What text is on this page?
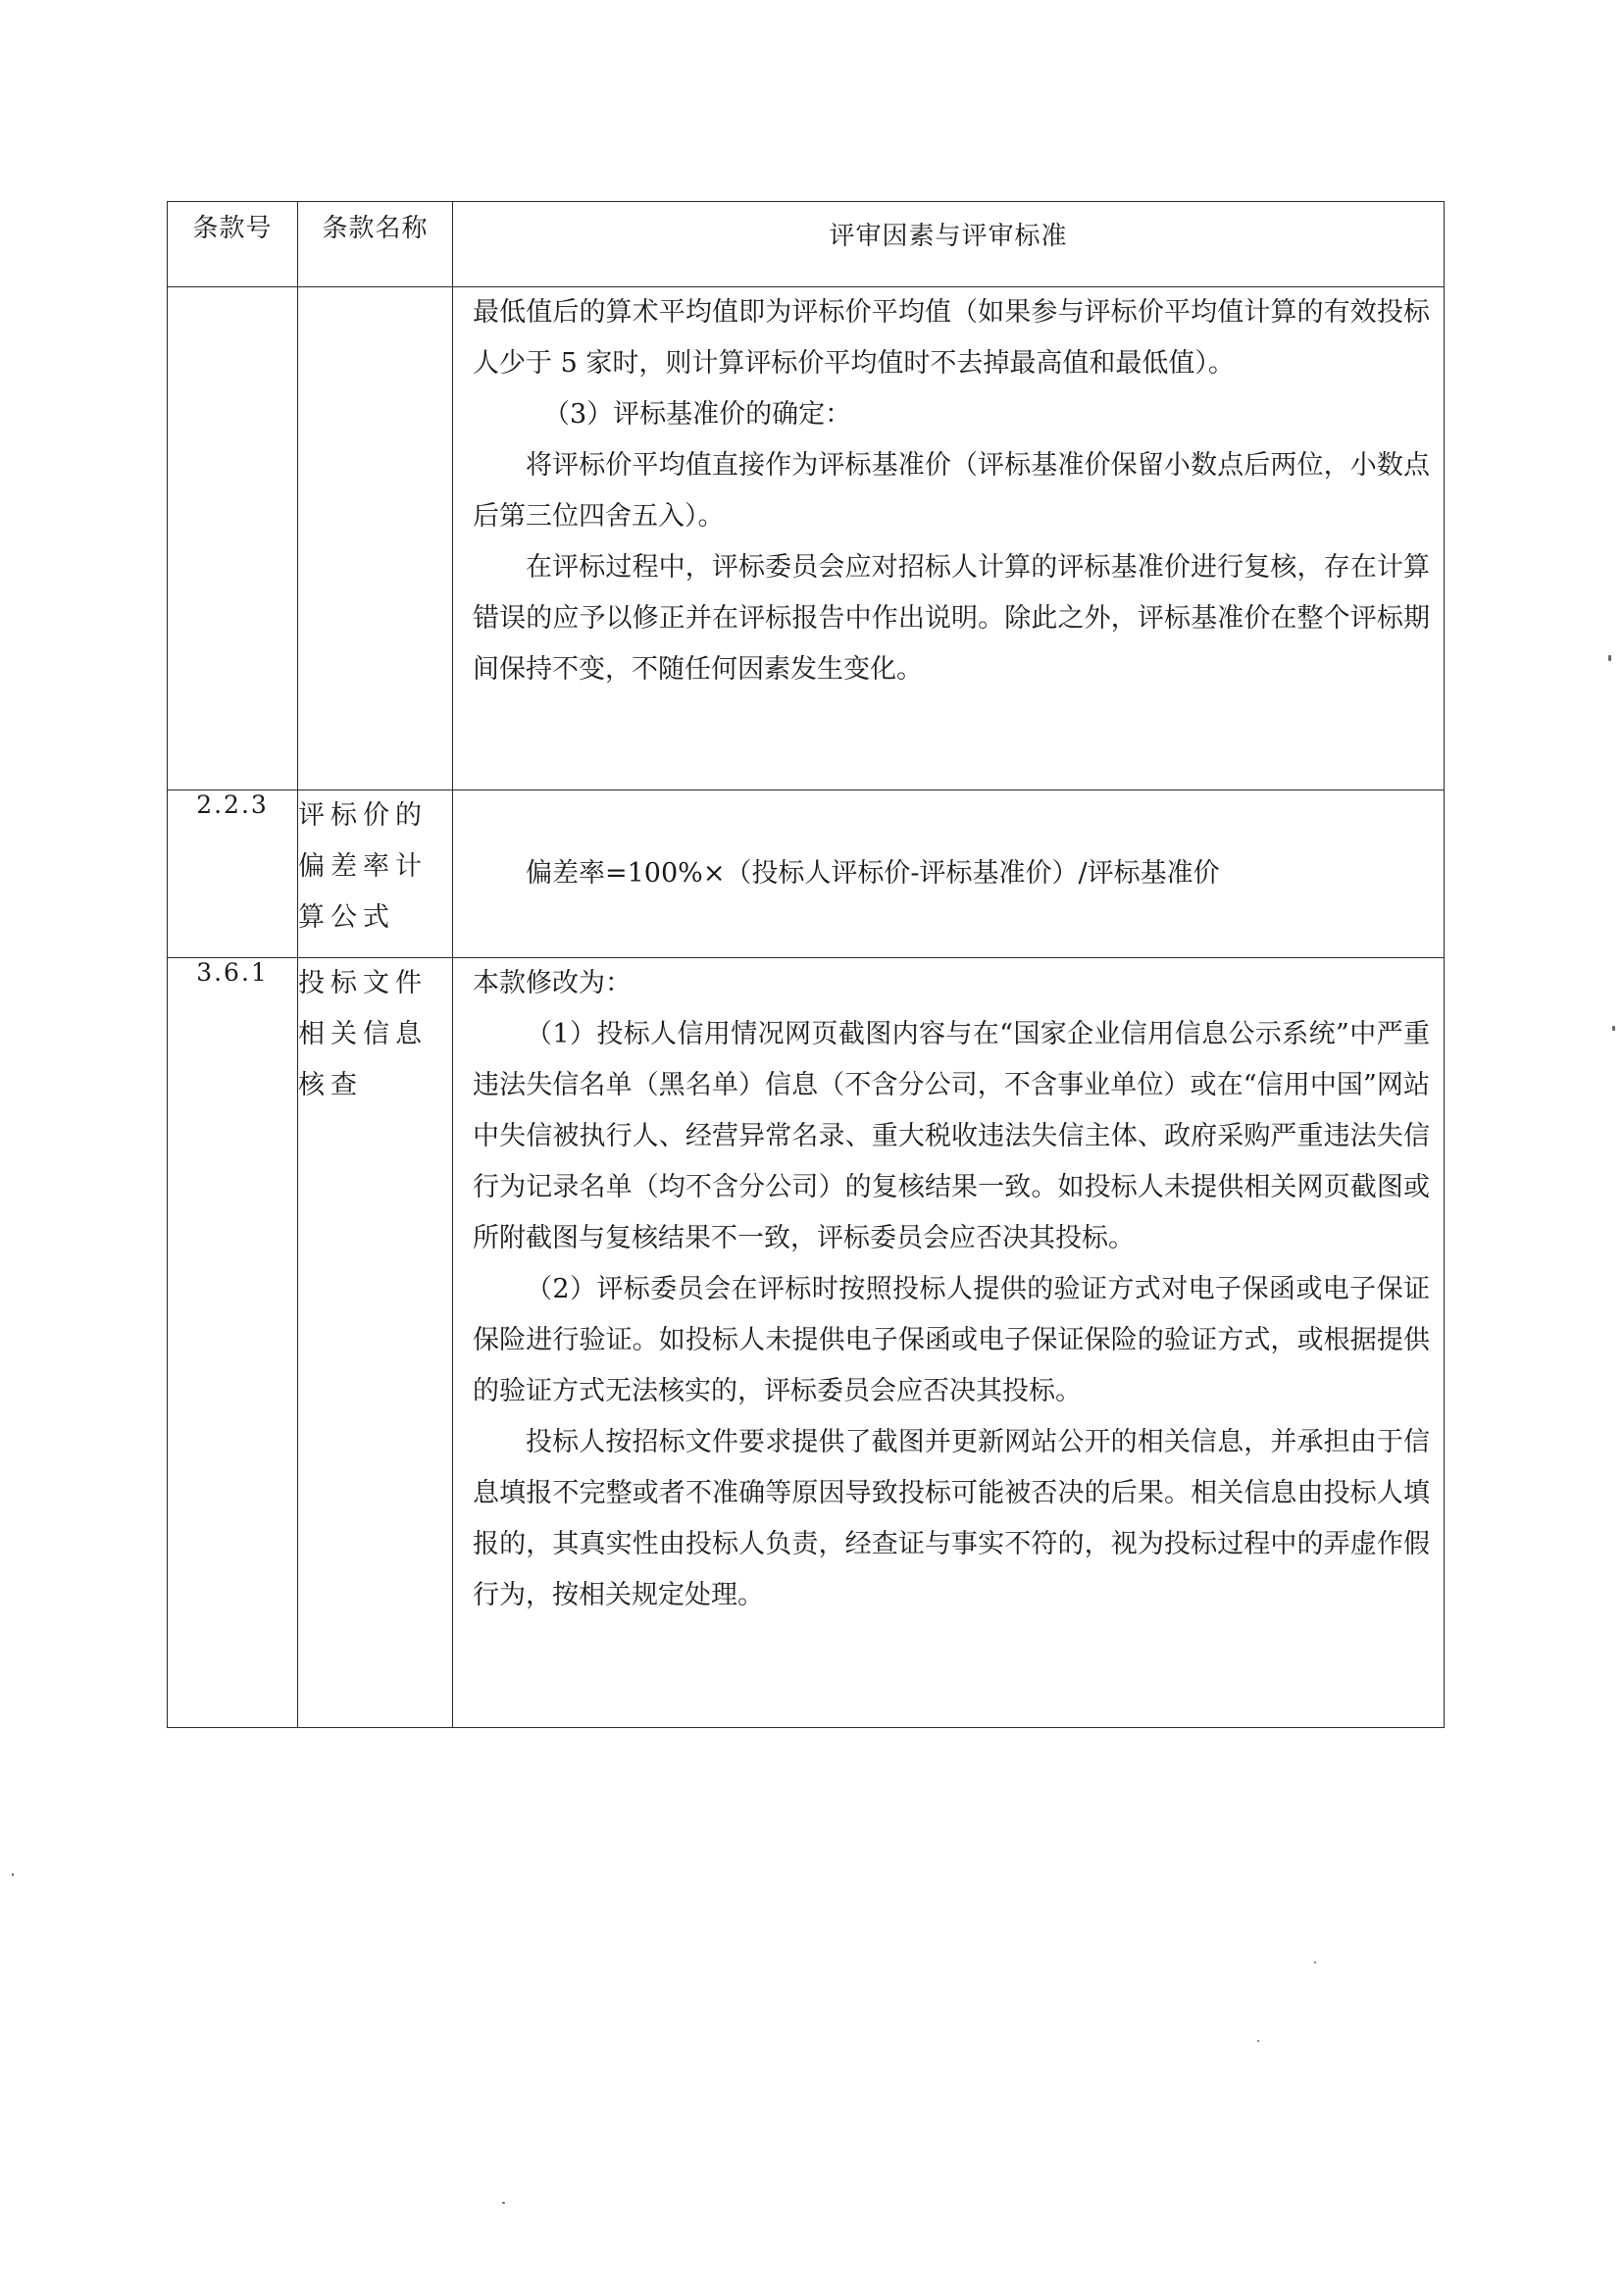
条款号	条款名称	评审因素与评审标准

		最低值后的算术平均值即为评标价平均值（如果参与评标价平均值计算的有效投标人少于 5 家时，则计算评标价平均值时不去掉最高值和最低值）。

（3）评标基准价的确定：

将评标价平均值直接作为评标基准价（评标基准价保留小数点后两位，小数点后第三位四舍五入）。

在评标过程中，评标委员会应对招标人计算的评标基准价进行复核，存在计算错误的应予以修正并在评标报告中作出说明。除此之外，评标基准价在整个评标期间保持不变，不随任何因素发生变化。

2.2.3	评标价的偏差率计算公式	偏差率=100%×（投标人评标价-评标基准价）/评标基准价

3.6.1	投标文件相关信息核查	本款修改为：

（1）投标人信用情况网页截图内容与在“国家企业信用信息公示系统”中严重违法失信名单（黑名单）信息（不含分公司，不含事业单位）或在“信用中国”网站中失信被执行人、经营异常名录、重大税收违法失信主体、政府采购严重违法失信行为记录名单（均不含分公司）的复核结果一致。如投标人未提供相关网页截图或所附截图与复核结果不一致，评标委员会应否决其投标。

（2）评标委员会在评标时按照投标人提供的验证方式对电子保函或电子保证保险进行验证。如投标人未提供电子保函或电子保证保险的验证方式，或根据提供的验证方式无法核实的，评标委员会应否决其投标。

投标人按招标文件要求提供了截图并更新网站公开的相关信息，并承担由于信息填报不完整或者不准确等原因导致投标可能被否决的后果。相关信息由投标人填报的，其真实性由投标人负责，经查证与事实不符的，视为投标过程中的弄虚作假行为，按相关规定处理。
